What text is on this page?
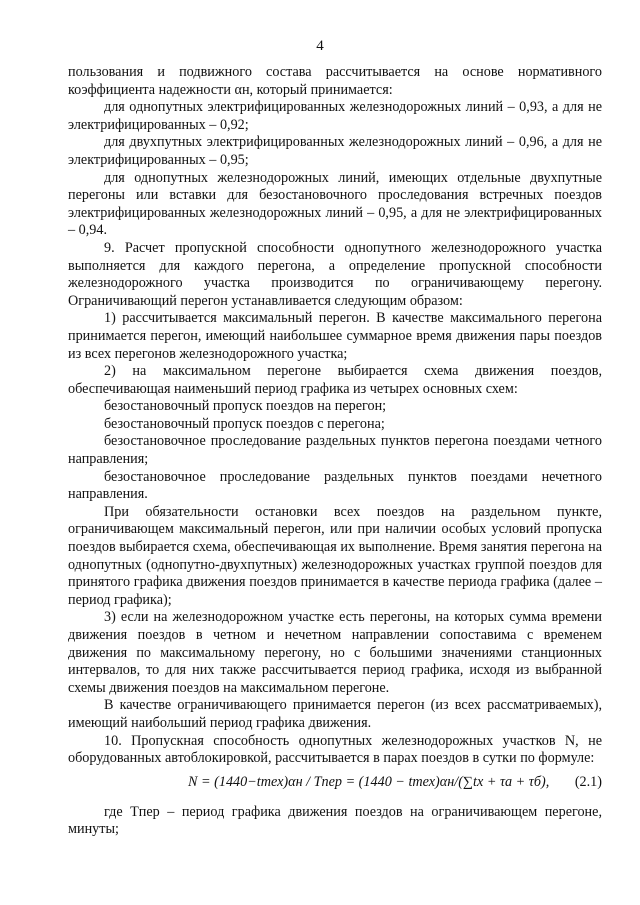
4

пользования и подвижного состава рассчитывается на основе нормативного коэффициента надежности αн, который принимается:

для однопутных электрифицированных железнодорожных линий – 0,93, а для не электрифицированных – 0,92;

для двухпутных электрифицированных железнодорожных линий – 0,96, а для не электрифицированных – 0,95;

для однопутных железнодорожных линий, имеющих отдельные двухпутные перегоны или вставки для безостановочного проследования встречных поездов электрифицированных железнодорожных линий – 0,95, а для не электрифицированных – 0,94.

9. Расчет пропускной способности однопутного железнодорожного участка выполняется для каждого перегона, а определение пропускной способности железнодорожного участка производится по ограничивающему перегону. Ограничивающий перегон устанавливается следующим образом:

1) рассчитывается максимальный перегон. В качестве максимального перегона принимается перегон, имеющий наибольшее суммарное время движения пары поездов из всех перегонов железнодорожного участка;

2) на максимальном перегоне выбирается схема движения поездов, обеспечивающая наименьший период графика из четырех основных схем:

безостановочный пропуск поездов на перегон;

безостановочный пропуск поездов с перегона;

безостановочное проследование раздельных пунктов перегона поездами четного направления;

безостановочное проследование раздельных пунктов поездами нечетного направления.

При обязательности остановки всех поездов на раздельном пункте, ограничивающем максимальный перегон, или при наличии особых условий пропуска поездов выбирается схема, обеспечивающая их выполнение. Время занятия перегона на однопутных (однопутно-двухпутных) железнодорожных участках группой поездов для принятого графика движения поездов принимается в качестве периода графика (далее – период графика);

3) если на железнодорожном участке есть перегоны, на которых сумма времени движения поездов в четном и нечетном направлении сопоставима с временем движения по максимальному перегону, но с большими значениями станционных интервалов, то для них также рассчитывается период графика, исходя из выбранной схемы движения поездов на максимальном перегоне.

В качестве ограничивающего принимается перегон (из всех рассматриваемых), имеющий наибольший период графика движения.

10. Пропускная способность однопутных железнодорожных участков N, не оборудованных автоблокировкой, рассчитывается в парах поездов в сутки по формуле:

N = (1440−tтех)αн / Tпер = (1440 − tтех)αн/(∑tх + τа + τб), (2.1)

где Tпер – период графика движения поездов на ограничивающем перегоне, минуты;
